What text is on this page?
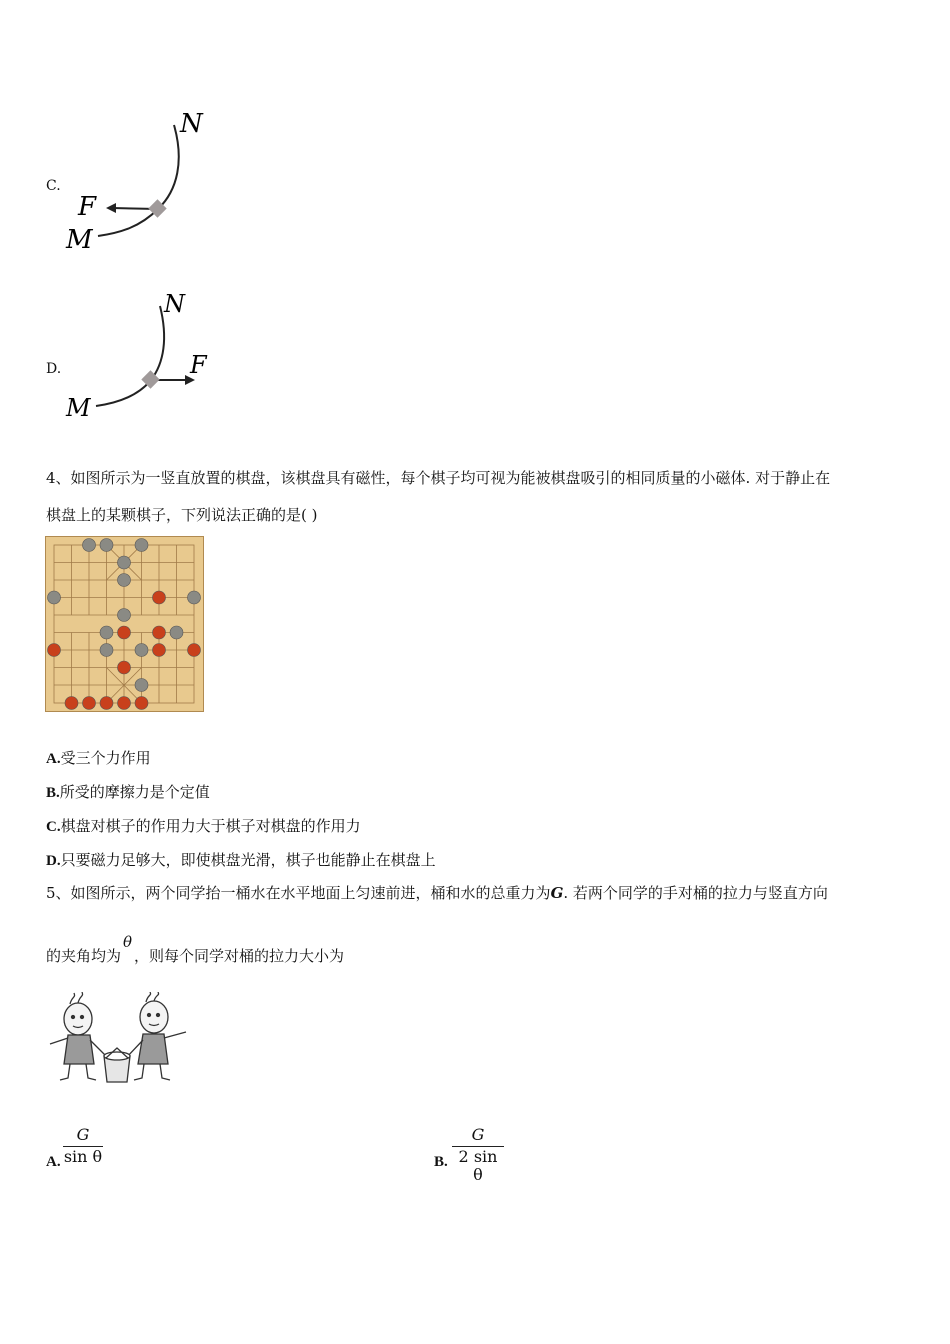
C.
N
F
M
D.
N
F
M
4、如图所示为一竖直放置的棋盘，该棋盘具有磁性，每个棋子均可视为能被棋盘吸引的相同质量的小磁体. 对于静止在
棋盘上的某颗棋子，下列说法正确的是( )
A.受三个力作用
B.所受的摩擦力是个定值
C.棋盘对棋子的作用力大于棋子对棋盘的作用力
D.只要磁力足够大，即使棋盘光滑，棋子也能静止在棋盘上
5、如图所示，两个同学抬一桶水在水平地面上匀速前进，桶和水的总重力为G. 若两个同学的手对桶的拉力与竖直方向
的夹角均为θ，则每个同学对桶的拉力大小为
A.
G
sin θ	B.
G
2 sin θ
